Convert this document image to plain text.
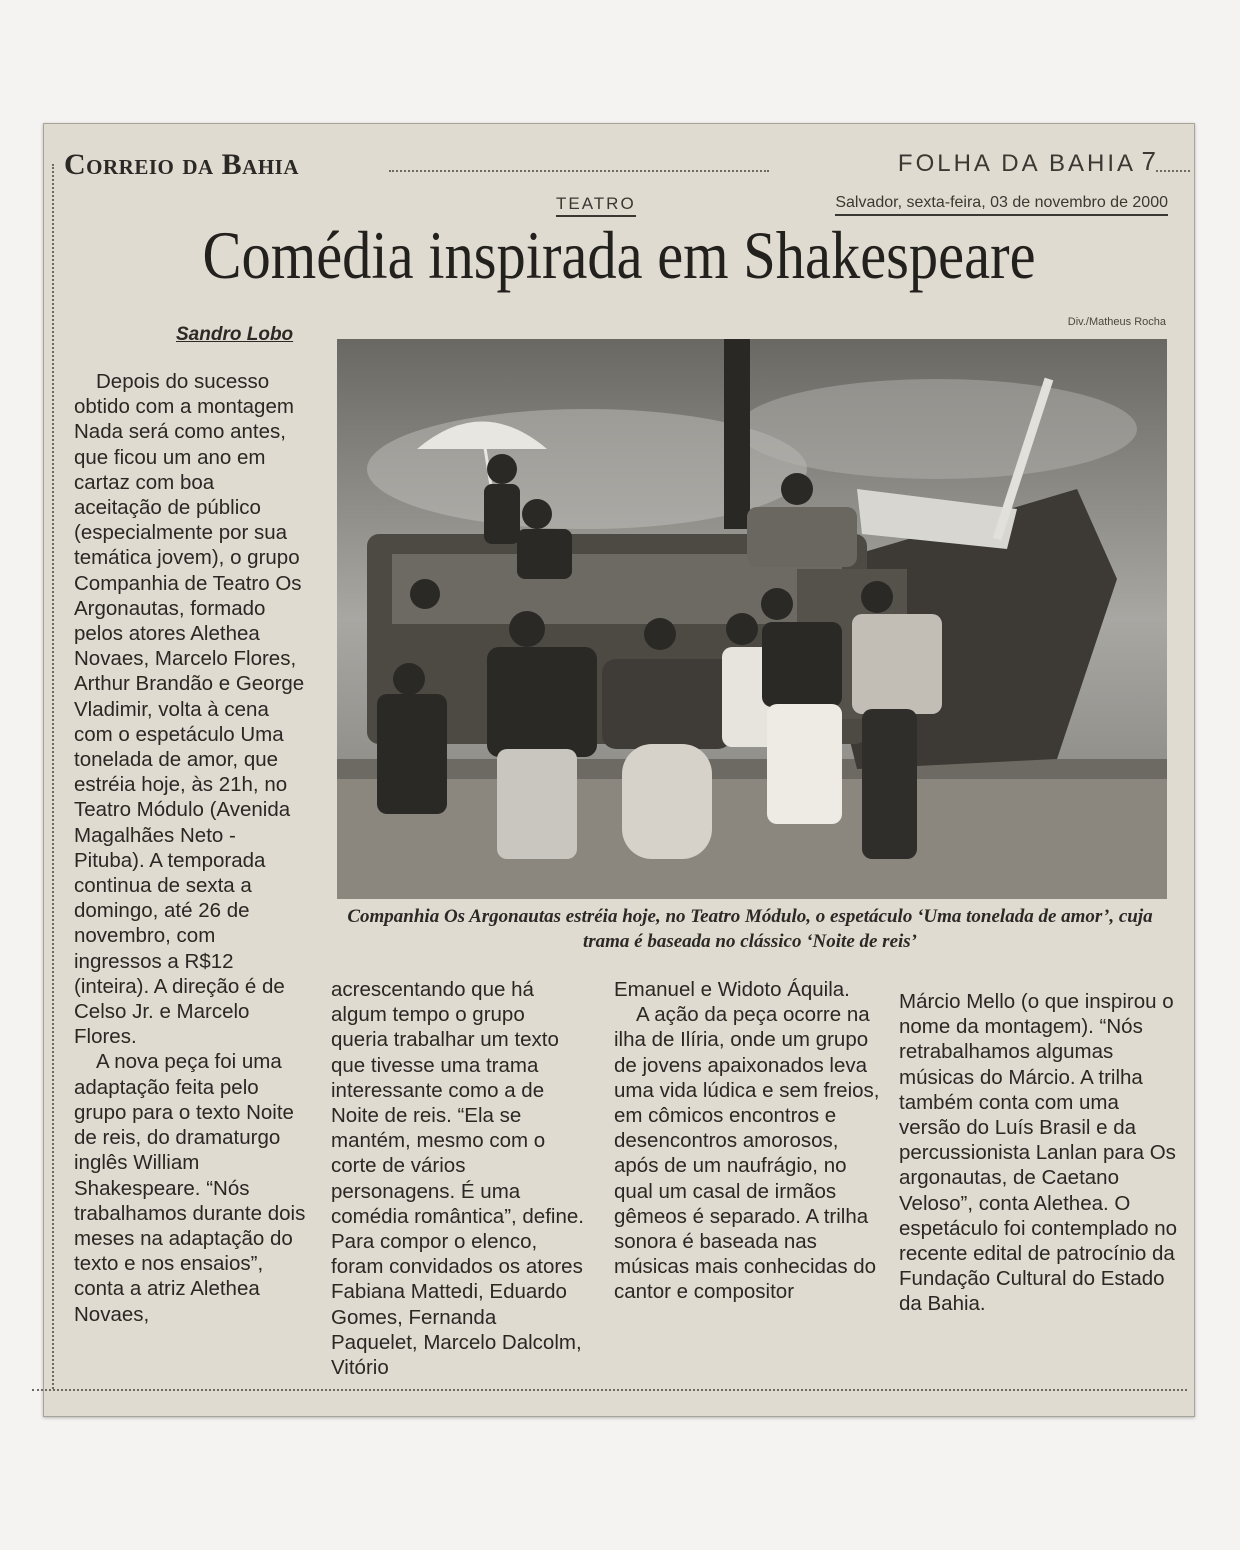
Correio da Bahia	FOLHA DA BAHIA 7
TEATRO	Salvador, sexta-feira, 03 de novembro de 2000
Comédia inspirada em Shakespeare
Sandro Lobo
Div./Matheus Rocha

Depois do sucesso obtido com a montagem Nada será como antes, que ficou um ano em cartaz com boa aceitação de público (especialmente por sua temática jovem), o grupo Companhia de Teatro Os Argonautas, formado pelos atores Alethea Novaes, Marcelo Flores, Arthur Brandão e George Vladimir, volta à cena com o espetáculo Uma tonelada de amor, que estréia hoje, às 21h, no Teatro Módulo (Avenida Magalhães Neto - Pituba). A temporada continua de sexta a domingo, até 26 de novembro, com ingressos a R$12 (inteira). A direção é de Celso Jr. e Marcelo Flores.

A nova peça foi uma adaptação feita pelo grupo para o texto Noite de reis, do dramaturgo inglês William Shakespeare. “Nós trabalhamos durante dois meses na adaptação do texto e nos ensaios”, conta a atriz Alethea Novaes,

Companhia Os Argonautas estréia hoje, no Teatro Módulo, o espetáculo ‘Uma tonelada de amor’, cuja trama é baseada no clássico ‘Noite de reis’

acrescentando que há algum tempo o grupo queria trabalhar um texto que tivesse uma trama interessante como a de Noite de reis. “Ela se mantém, mesmo com o corte de vários personagens. É uma comédia romântica”, define. Para compor o elenco, foram convidados os atores Fabiana Mattedi, Eduardo Gomes, Fernanda Paquelet, Marcelo Dalcolm, Vitório

Emanuel e Widoto Áquila.

A ação da peça ocorre na ilha de Ilíria, onde um grupo de jovens apaixonados leva uma vida lúdica e sem freios, em cômicos encontros e desencontros amorosos, após de um naufrágio, no qual um casal de irmãos gêmeos é separado. A trilha sonora é baseada nas músicas mais conhecidas do cantor e compositor

Márcio Mello (o que inspirou o nome da montagem). “Nós retrabalhamos algumas músicas do Márcio. A trilha também conta com uma versão do Luís Brasil e da percussionista Lanlan para Os argonautas, de Caetano Veloso”, conta Alethea. O espetáculo foi contemplado no recente edital de patrocínio da Fundação Cultural do Estado da Bahia.
